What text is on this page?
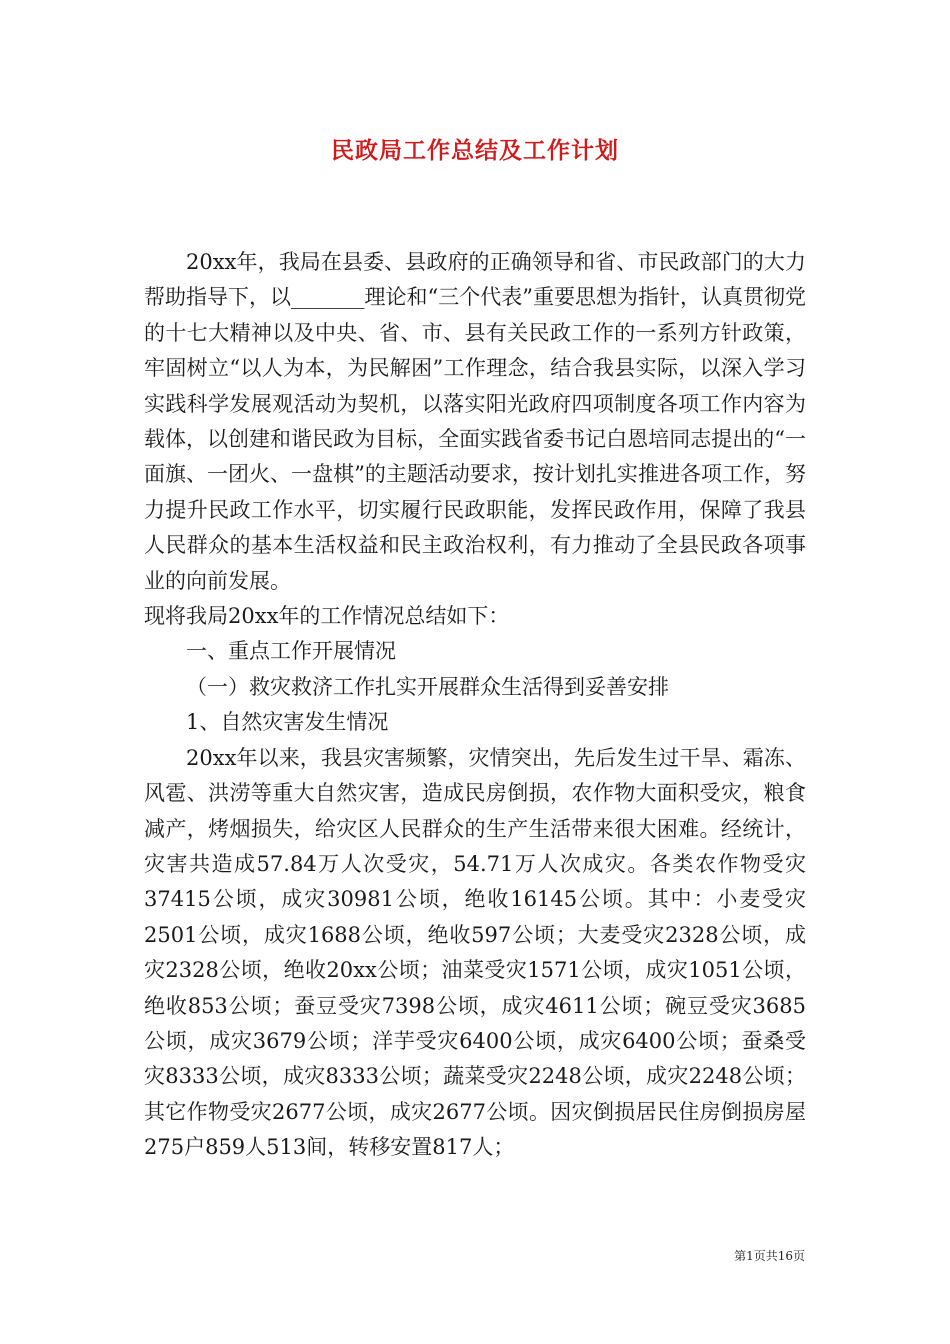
民政局工作总结及工作计划

20xx年，我局在县委、县政府的正确领导和省、市民政部门的大力帮助指导下，以_______理论和“三个代表”重要思想为指针，认真贯彻党的十七大精神以及中央、省、市、县有关民政工作的一系列方针政策，牢固树立“以人为本，为民解困”工作理念，结合我县实际，以深入学习实践科学发展观活动为契机，以落实阳光政府四项制度各项工作内容为载体，以创建和谐民政为目标，全面实践省委书记白恩培同志提出的“一面旗、一团火、一盘棋”的主题活动要求，按计划扎实推进各项工作，努力提升民政工作水平，切实履行民政职能，发挥民政作用，保障了我县人民群众的基本生活权益和民主政治权利，有力推动了全县民政各项事业的向前发展。

现将我局20xx年的工作情况总结如下：

一、重点工作开展情况

（一）救灾救济工作扎实开展群众生活得到妥善安排

1、自然灾害发生情况

20xx年以来，我县灾害频繁，灾情突出，先后发生过干旱、霜冻、风雹、洪涝等重大自然灾害，造成民房倒损，农作物大面积受灾，粮食减产，烤烟损失，给灾区人民群众的生产生活带来很大困难。经统计，灾害共造成57.84万人次受灾，54.71万人次成灾。各类农作物受灾37415公顷，成灾30981公顷，绝收16145公顷。其中：小麦受灾2501公顷，成灾1688公顷，绝收597公顷；大麦受灾2328公顷，成灾2328公顷，绝收20xx公顷；油菜受灾1571公顷，成灾1051公顷，绝收853公顷；蚕豆受灾7398公顷，成灾4611公顷；碗豆受灾3685公顷，成灾3679公顷；洋芋受灾6400公顷，成灾6400公顷；蚕桑受灾8333公顷，成灾8333公顷；蔬菜受灾2248公顷，成灾2248公顷；其它作物受灾2677公顷，成灾2677公顷。因灾倒损居民住房倒损房屋275户859人513间，转移安置817人；

第1页共16页
